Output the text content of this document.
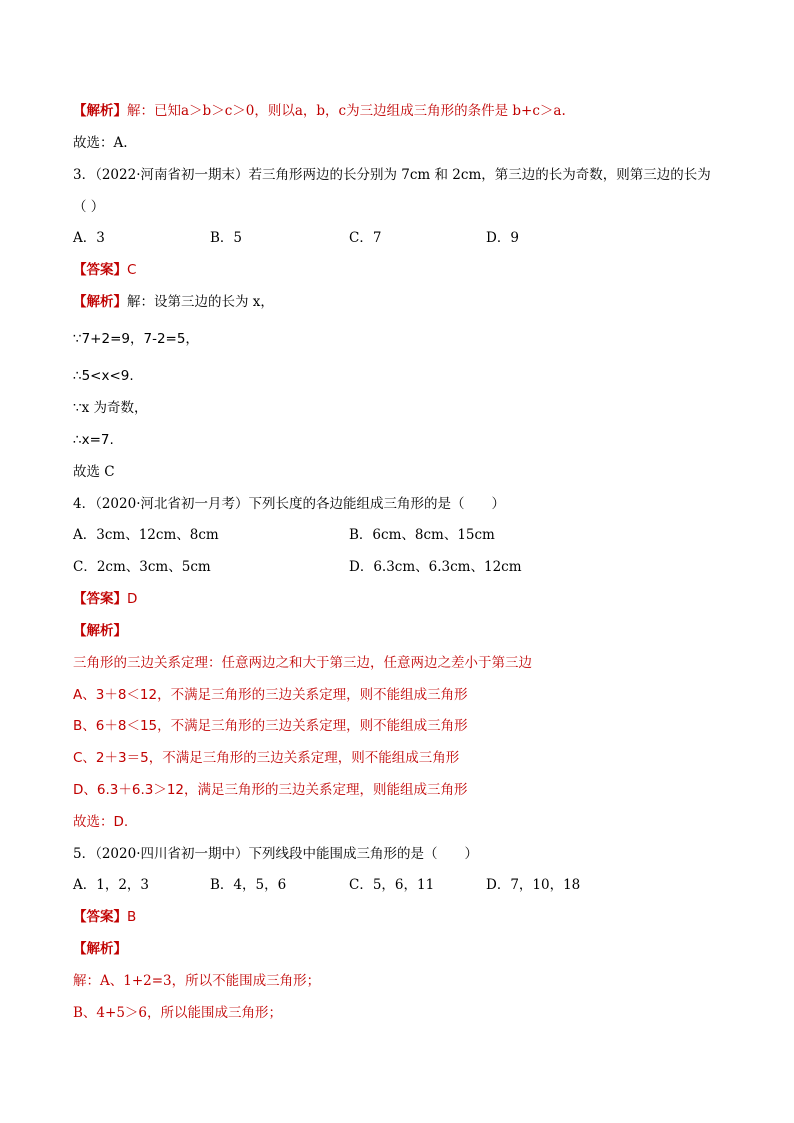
【解析】解：已知a＞b＞c＞0，则以a，b，c为三边组成三角形的条件是 b+c＞a.
故选：A.
3．（2022·河南省初一期末）若三角形两边的长分别为 7cm 和 2cm，第三边的长为奇数，则第三边的长为
（ ）
A．3	B．5	C．7	D．9
【答案】C
【解析】解：设第三边的长为 x，
∵7+2=9，7-2=5，
∴5<x<9.
∵x 为奇数，
∴x=7.
故选 C
4．（2020·河北省初一月考）下列长度的各边能组成三角形的是（　　）
A．3cm、12cm、8cm	B．6cm、8cm、15cm
C．2cm、3cm、5cm	D．6.3cm、6.3cm、12cm
【答案】D
【解析】
三角形的三边关系定理：任意两边之和大于第三边，任意两边之差小于第三边
A、3＋8＜12，不满足三角形的三边关系定理，则不能组成三角形
B、6＋8＜15，不满足三角形的三边关系定理，则不能组成三角形
C、2＋3＝5，不满足三角形的三边关系定理，则不能组成三角形
D、6.3＋6.3＞12，满足三角形的三边关系定理，则能组成三角形
故选：D.
5．（2020·四川省初一期中）下列线段中能围成三角形的是（　　）
A．1，2，3	B．4，5，6	C．5，6，11	D．7，10，18
【答案】B
【解析】
解：A、1+2=3，所以不能围成三角形；
B、4+5＞6，所以能围成三角形；
